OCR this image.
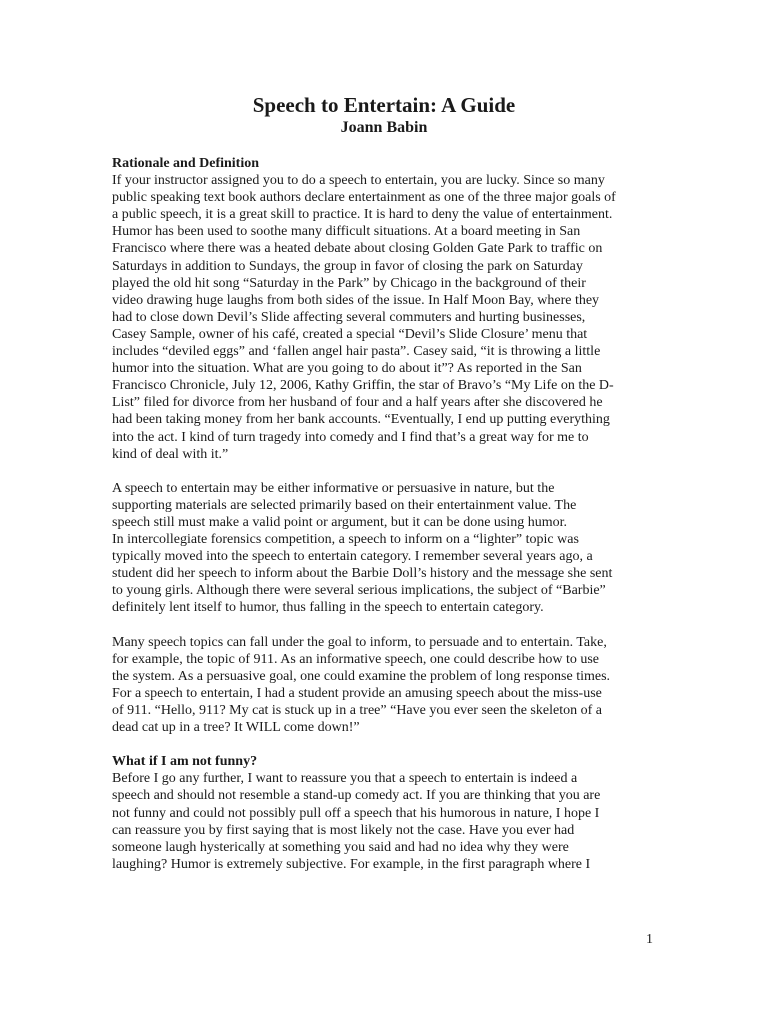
Speech to Entertain: A Guide
Joann Babin
Rationale and Definition
If your instructor assigned you to do a speech to entertain, you are lucky. Since so many
public speaking text book authors declare entertainment as one of the three major goals of
a public speech, it is a great skill to practice. It is hard to deny the value of entertainment.
Humor has been used to soothe many difficult situations. At a board meeting in San
Francisco where there was a heated debate about closing Golden Gate Park to traffic on
Saturdays in addition to Sundays, the group in favor of closing the park on Saturday
played the old hit song “Saturday in the Park” by Chicago in the background of their
video drawing huge laughs from both sides of the issue. In Half Moon Bay, where they
had to close down Devil’s Slide affecting several commuters and hurting businesses,
Casey Sample, owner of his café, created a special “Devil’s Slide Closure’ menu that
includes “deviled eggs” and ‘fallen angel hair pasta”. Casey said, “it is throwing a little
humor into the situation. What are you going to do about it”? As reported in the San
Francisco Chronicle, July 12, 2006, Kathy Griffin, the star of Bravo’s “My Life on the D-
List” filed for divorce from her husband of four and a half years after she discovered he
had been taking money from her bank accounts. “Eventually, I end up putting everything
into the act. I kind of turn tragedy into comedy and I find that’s a great way for me to
kind of deal with it.”
A speech to entertain may be either informative or persuasive in nature, but the
supporting materials are selected primarily based on their entertainment value. The
speech still must make a valid point or argument, but it can be done using humor.
In intercollegiate forensics competition, a speech to inform on a “lighter” topic was
typically moved into the speech to entertain category. I remember several years ago, a
student did her speech to inform about the Barbie Doll’s history and the message she sent
to young girls. Although there were several serious implications, the subject of “Barbie”
definitely lent itself to humor, thus falling in the speech to entertain category.
Many speech topics can fall under the goal to inform, to persuade and to entertain. Take,
for example, the topic of 911. As an informative speech, one could describe how to use
the system. As a persuasive goal, one could examine the problem of long response times.
For a speech to entertain, I had a student provide an amusing speech about the miss-use
of 911. “Hello, 911? My cat is stuck up in a tree” “Have you ever seen the skeleton of a
dead cat up in a tree? It WILL come down!”
What if I am not funny?
Before I go any further, I want to reassure you that a speech to entertain is indeed a
speech and should not resemble a stand-up comedy act. If you are thinking that you are
not funny and could not possibly pull off a speech that his humorous in nature, I hope I
can reassure you by first saying that is most likely not the case. Have you ever had
someone laugh hysterically at something you said and had no idea why they were
laughing? Humor is extremely subjective. For example, in the first paragraph where I
1
